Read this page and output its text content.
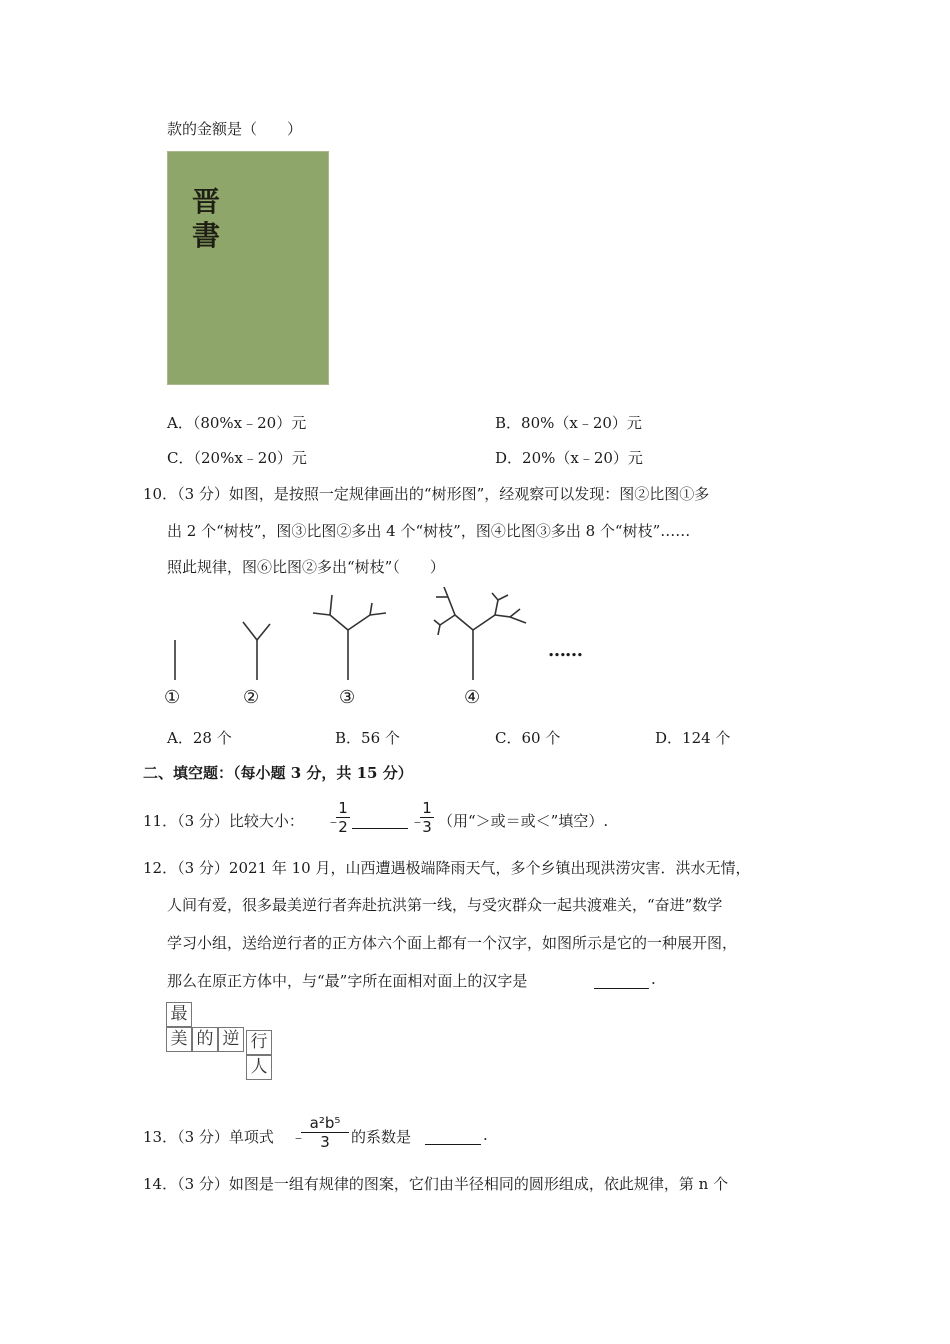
款的金额是（　　）
晋
書
A．（80%x﹣20）元	B．80%（x﹣20）元
C．（20%x﹣20）元	D．20%（x﹣20）元
10．（3 分）如图，是按照一定规律画出的“树形图”，经观察可以发现：图②比图①多
出 2 个“树枝”，图③比图②多出 4 个“树枝”，图④比图③多出 8 个“树枝”……
照此规律，图⑥比图②多出“树枝”（　　）
①	②	③	④
……
A．28 个	B．56 个	C．60 个	D．124 个
二、填空题：（每小题 3 分，共 15 分）
11．（3 分）比较大小： ﹣
1
2
	﹣
1
3 （用“＞或＝或＜”填空）.
12．（3 分）2021 年 10 月，山西遭遇极端降雨天气，多个乡镇出现洪涝灾害．洪水无情，
人间有爱，很多最美逆行者奔赴抗洪第一线，与受灾群众一起共渡难关，“奋进”数学
学习小组，送给逆行者的正方体六个面上都有一个汉字，如图所示是它的一种展开图，
那么在原正方体中，与“最”字所在面相对面上的汉字是
	.
最
美 的 逆 行
人
13．（3 分）单项式 ﹣
a²b⁵
3	的系数是
	.
14．（3 分）如图是一组有规律的图案，它们由半径相同的圆形组成，依此规律，第 n 个
